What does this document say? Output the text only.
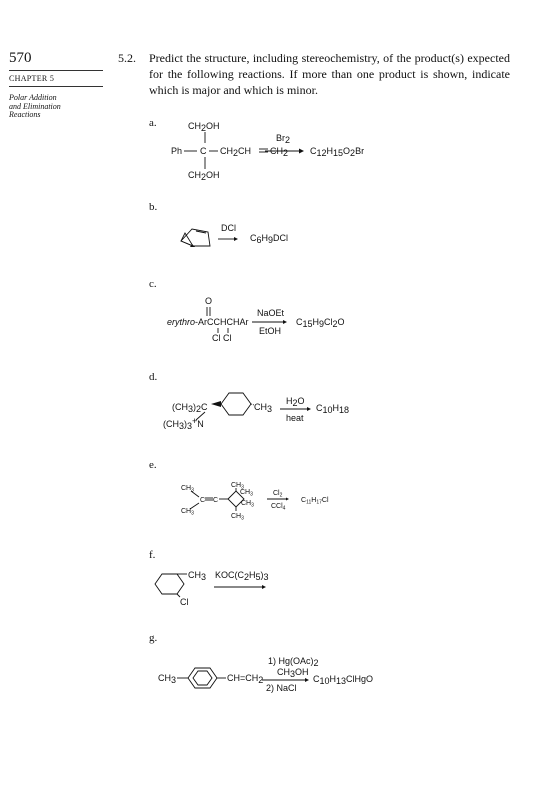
570
CHAPTER 5
Polar Addition
and Elimination
Reactions
5.2. Predict the structure, including stereochemistry, of the product(s) expected for the following reactions. If more than one product is shown, indicate which is major and which is minor.
a.
b.
c.
d.
e.
f.
g.
CH2OH
Ph C CH2CH CH2
CH2OH
Br2
C12H15O2Br
DCl
C6H9DCl
O
erythro-ArCCHCHAr
Cl Cl
NaOEt
EtOH
C15H9Cl2O
(CH3)2C	CH3
(CH3)3+N
H2O
heat
C10H18
$CH_3$
C C
$CH_3$
$CH_3$
$CH_3$
$CH_3$
$CH_3$
$Cl_2$
CCl$_4$
$C_{11}H_{17}Cl$
CH3
Cl
KOC(C2H5)3
CH3	CH=CH2
1) Hg(OAc)2
CH3OH
2) NaCl
C10H13ClHgO
